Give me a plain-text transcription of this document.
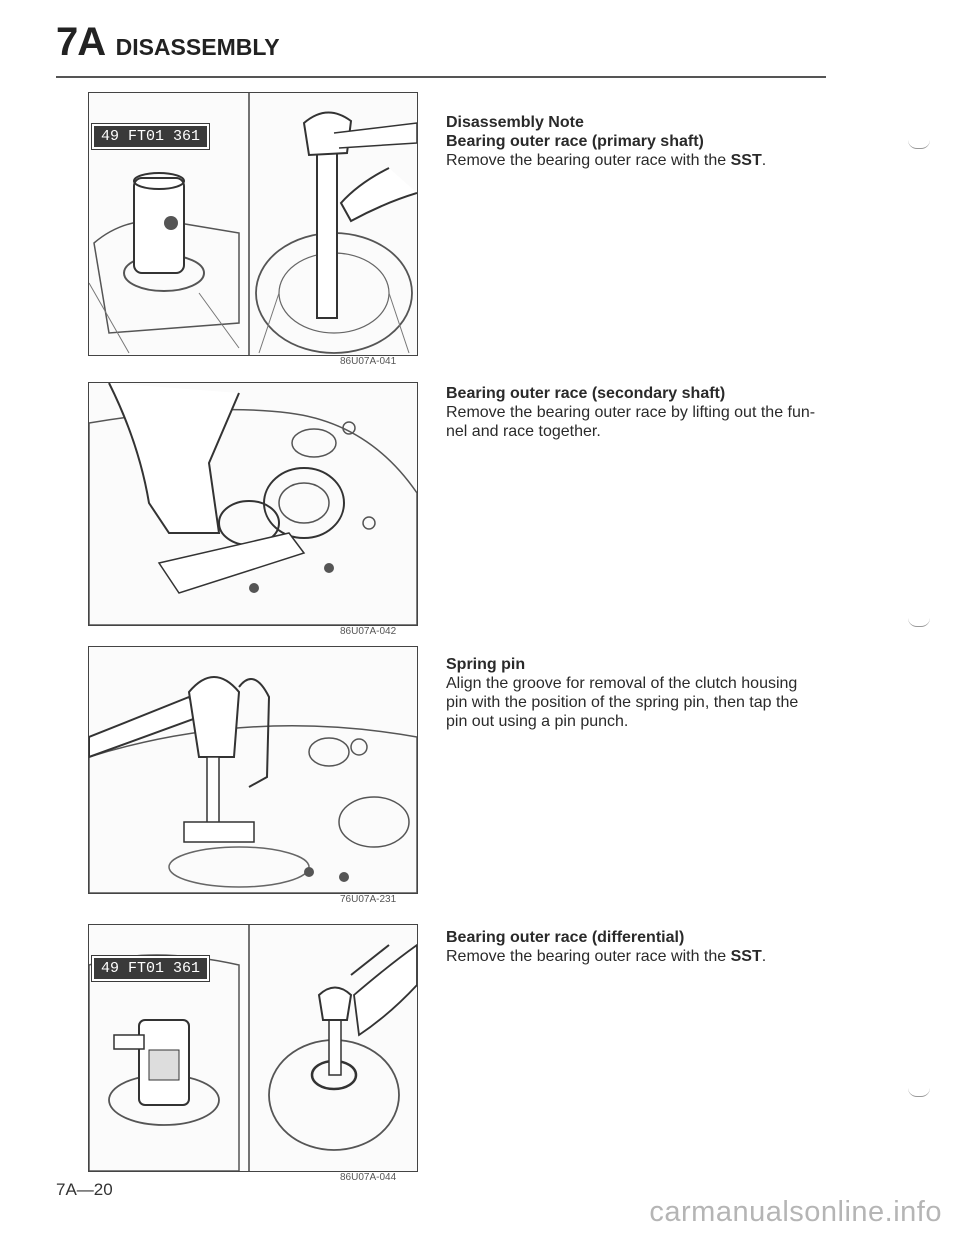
7A DISASSEMBLY
49 FT01 361
86U07A-041
86U07A-042
76U07A-231
49 FT01 361
86U07A-044
Disassembly Note
Bearing outer race (primary shaft)
Remove the bearing outer race with the SST.
Bearing outer race (secondary shaft)
Remove the bearing outer race by lifting out the fun-
nel and race together.
Spring pin
Align the groove for removal of the clutch housing
pin with the position of the spring pin, then tap the
pin out using a pin punch.
Bearing outer race (differential)
Remove the bearing outer race with the SST.
7A—20
carmanualsonline.info
